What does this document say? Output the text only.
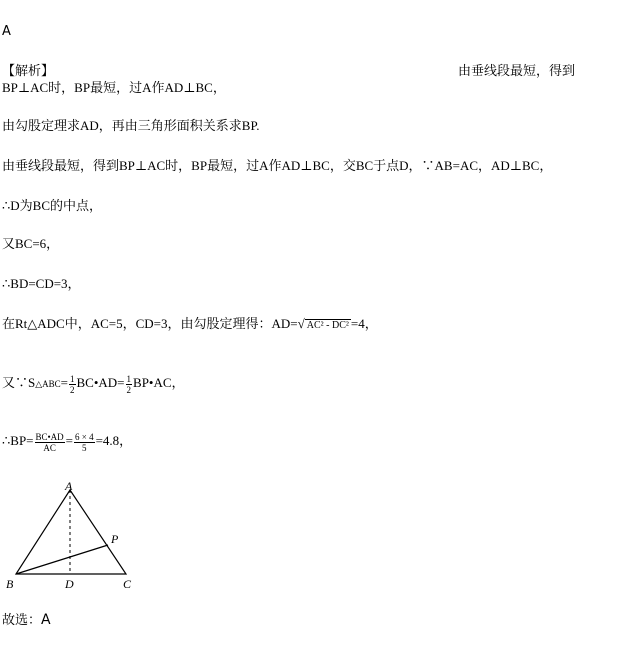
A
【解析】	由垂线段最短，得到
BP⊥AC时，BP最短，过A作AD⊥BC，
由勾股定理求AD，再由三角形面积关系求BP.
由垂线段最短，得到BP⊥AC时，BP最短，过A作AD⊥BC，交BC于点D，∵AB=AC，AD⊥BC，
∴D为BC的中点，
又BC=6，
∴BD=CD=3，
在Rt△ADC中，AC=5，CD=3，由勾股定理得：AD=√ AC² - DC² =4，
又∵S△ABC= $\frac{1}{2}$ BC•AD= $\frac{1}{2}$ BP•AC，
∴BP= $\frac{BC•AD}{AC} = \frac{6 \times 4}{5} =4.8$，
A
B	C
D
P
故选：A
